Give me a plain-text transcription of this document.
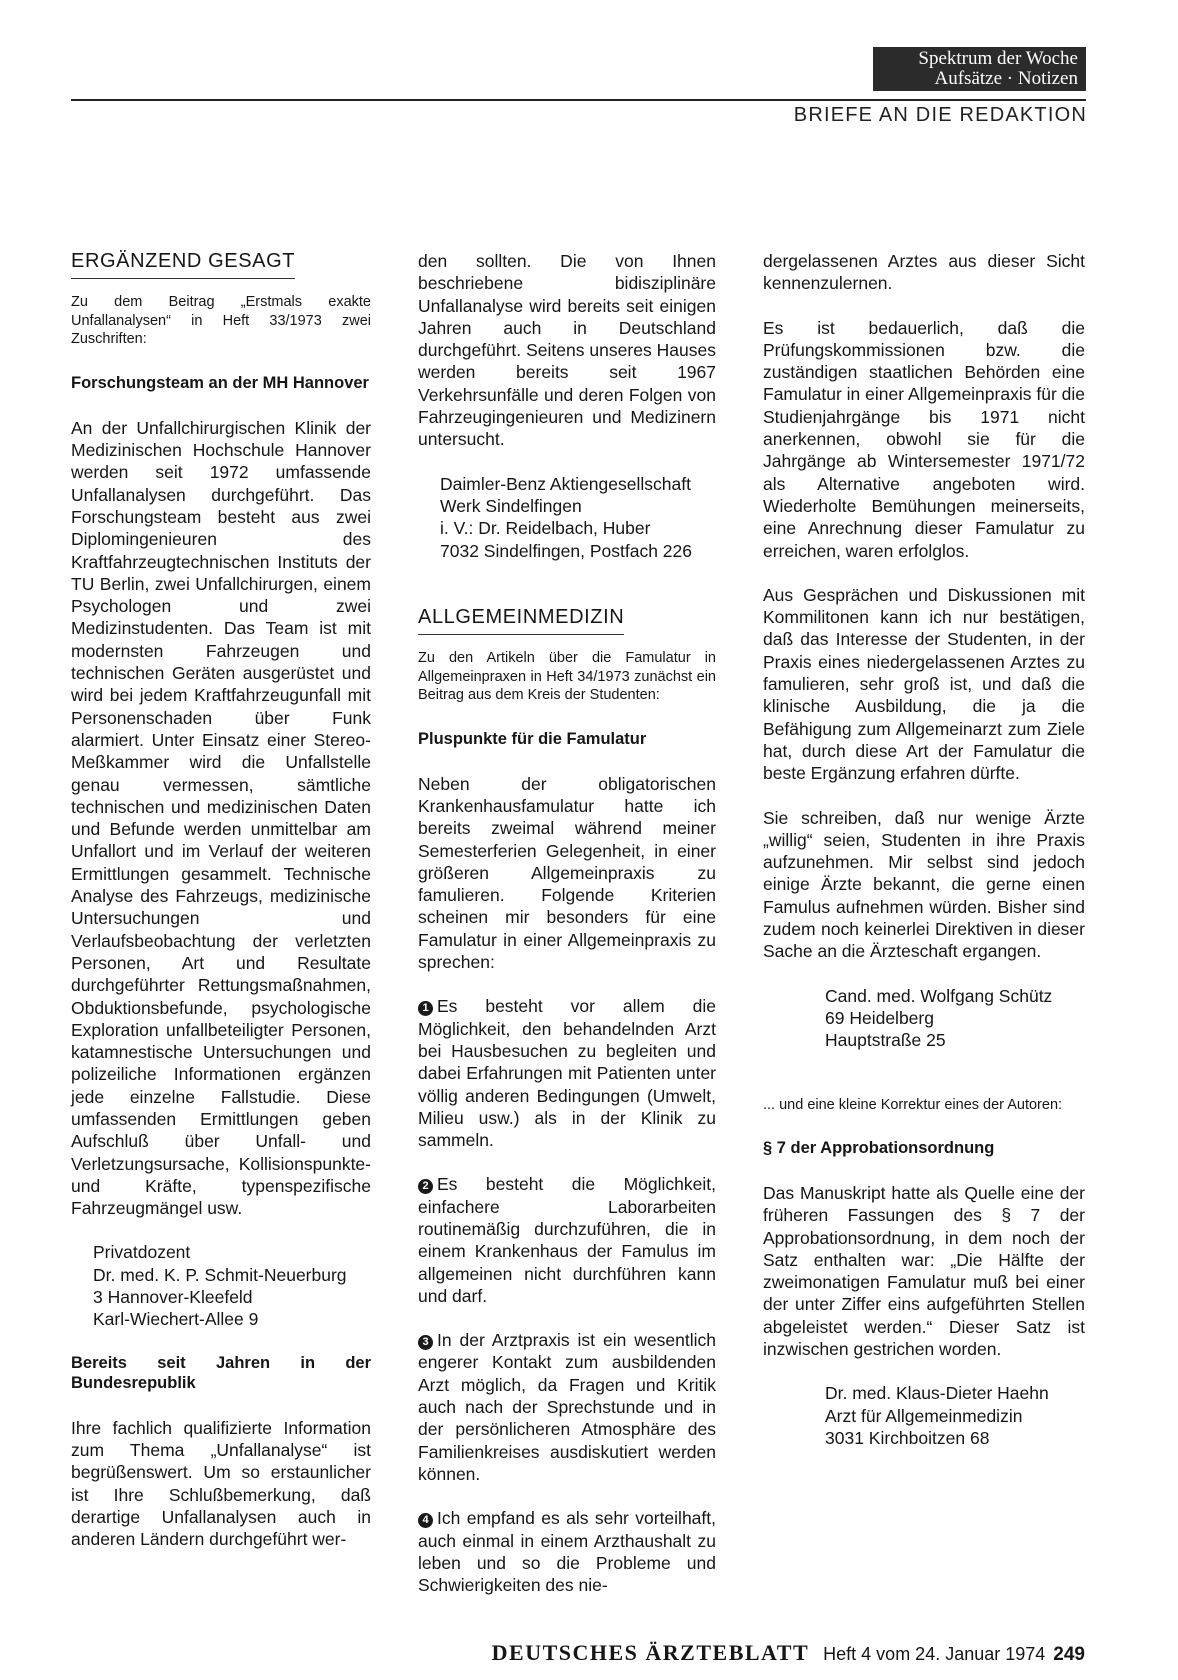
Spektrum der Woche
Aufsätze · Notizen
BRIEFE AN DIE REDAKTION
ERGÄNZEND GESAGT

Zu dem Beitrag „Erstmals exakte Unfallanalysen“ in Heft 33/1973 zwei Zuschriften:

Forschungsteam an der MH Hannover

An der Unfallchirurgischen Klinik der Medizinischen Hochschule Hannover werden seit 1972 umfassende Unfallanalysen durchgeführt. Das Forschungsteam besteht aus zwei Diplomingenieuren des Kraftfahrzeugtechnischen Instituts der TU Berlin, zwei Unfallchirurgen, einem Psychologen und zwei Medizinstudenten. Das Team ist mit modernsten Fahrzeugen und technischen Geräten ausgerüstet und wird bei jedem Kraftfahrzeugunfall mit Personenschaden über Funk alarmiert. Unter Einsatz einer Stereo-Meßkammer wird die Unfallstelle genau vermessen, sämtliche technischen und medizinischen Daten und Befunde werden unmittelbar am Unfallort und im Verlauf der weiteren Ermittlungen gesammelt. Technische Analyse des Fahrzeugs, medizinische Untersuchungen und Verlaufsbeobachtung der verletzten Personen, Art und Resultate durchgeführter Rettungsmaßnahmen, Obduktionsbefunde, psychologische Exploration unfallbeteiligter Personen, katamnestische Untersuchungen und polizeiliche Informationen ergänzen jede einzelne Fallstudie. Diese umfassenden Ermittlungen geben Aufschluß über Unfall- und Verletzungsursache, Kollisionspunkte- und Kräfte, typenspezifische Fahrzeugmängel usw.

Privatdozent

Dr. med. K. P. Schmit-Neuerburg

3 Hannover-Kleefeld

Karl-Wiechert-Allee 9

Bereits seit Jahren in der Bundesrepublik

Ihre fachlich qualifizierte Information zum Thema „Unfallanalyse“ ist begrüßenswert. Um so erstaunlicher ist Ihre Schlußbemerkung, daß derartige Unfallanalysen auch in anderen Ländern durchgeführt wer-

den sollten. Die von Ihnen beschriebene bidisziplinäre Unfallanalyse wird bereits seit einigen Jahren auch in Deutschland durchgeführt. Seitens unseres Hauses werden bereits seit 1967 Verkehrsunfälle und deren Folgen von Fahrzeugingenieuren und Medizinern untersucht.

Daimler-Benz Aktiengesellschaft

Werk Sindelfingen

i. V.: Dr. Reidelbach, Huber

7032 Sindelfingen, Postfach 226

ALLGEMEINMEDIZIN

Zu den Artikeln über die Famulatur in Allgemeinpraxen in Heft 34/1973 zunächst ein Beitrag aus dem Kreis der Studenten:

Pluspunkte für die Famulatur

Neben der obligatorischen Krankenhausfamulatur hatte ich bereits zweimal während meiner Semesterferien Gelegenheit, in einer größeren Allgemeinpraxis zu famulieren. Folgende Kriterien scheinen mir besonders für eine Famulatur in einer Allgemeinpraxis zu sprechen:

1 Es besteht vor allem die Möglichkeit, den behandelnden Arzt bei Hausbesuchen zu begleiten und dabei Erfahrungen mit Patienten unter völlig anderen Bedingungen (Umwelt, Milieu usw.) als in der Klinik zu sammeln.

2 Es besteht die Möglichkeit, einfachere Laborarbeiten routinemäßig durchzuführen, die in einem Krankenhaus der Famulus im allgemeinen nicht durchführen kann und darf.

3 In der Arztpraxis ist ein wesentlich engerer Kontakt zum ausbildenden Arzt möglich, da Fragen und Kritik auch nach der Sprechstunde und in der persönlicheren Atmosphäre des Familienkreises ausdiskutiert werden können.

4 Ich empfand es als sehr vorteilhaft, auch einmal in einem Arzthaushalt zu leben und so die Probleme und Schwierigkeiten des nie-

dergelassenen Arztes aus dieser Sicht kennenzulernen.

Es ist bedauerlich, daß die Prüfungskommissionen bzw. die zuständigen staatlichen Behörden eine Famulatur in einer Allgemeinpraxis für die Studienjahrgänge bis 1971 nicht anerkennen, obwohl sie für die Jahrgänge ab Wintersemester 1971/72 als Alternative angeboten wird. Wiederholte Bemühungen meinerseits, eine Anrechnung dieser Famulatur zu erreichen, waren erfolglos.

Aus Gesprächen und Diskussionen mit Kommilitonen kann ich nur bestätigen, daß das Interesse der Studenten, in der Praxis eines niedergelassenen Arztes zu famulieren, sehr groß ist, und daß die klinische Ausbildung, die ja die Befähigung zum Allgemeinarzt zum Ziele hat, durch diese Art der Famulatur die beste Ergänzung erfahren dürfte.

Sie schreiben, daß nur wenige Ärzte „willig“ seien, Studenten in ihre Praxis aufzunehmen. Mir selbst sind jedoch einige Ärzte bekannt, die gerne einen Famulus aufnehmen würden. Bisher sind zudem noch keinerlei Direktiven in dieser Sache an die Ärzteschaft ergangen.

Cand. med. Wolfgang Schütz

69 Heidelberg

Hauptstraße 25

... und eine kleine Korrektur eines der Autoren:

§ 7 der Approbationsordnung

Das Manuskript hatte als Quelle eine der früheren Fassungen des § 7 der Approbationsordnung, in dem noch der Satz enthalten war: „Die Hälfte der zweimonatigen Famulatur muß bei einer der unter Ziffer eins aufgeführten Stellen abgeleistet werden.“ Dieser Satz ist inzwischen gestrichen worden.

Dr. med. Klaus-Dieter Haehn

Arzt für Allgemeinmedizin

3031 Kirchboitzen 68

DEUTSCHES ÄRZTEBLATT Heft 4 vom 24. Januar 1974 249
